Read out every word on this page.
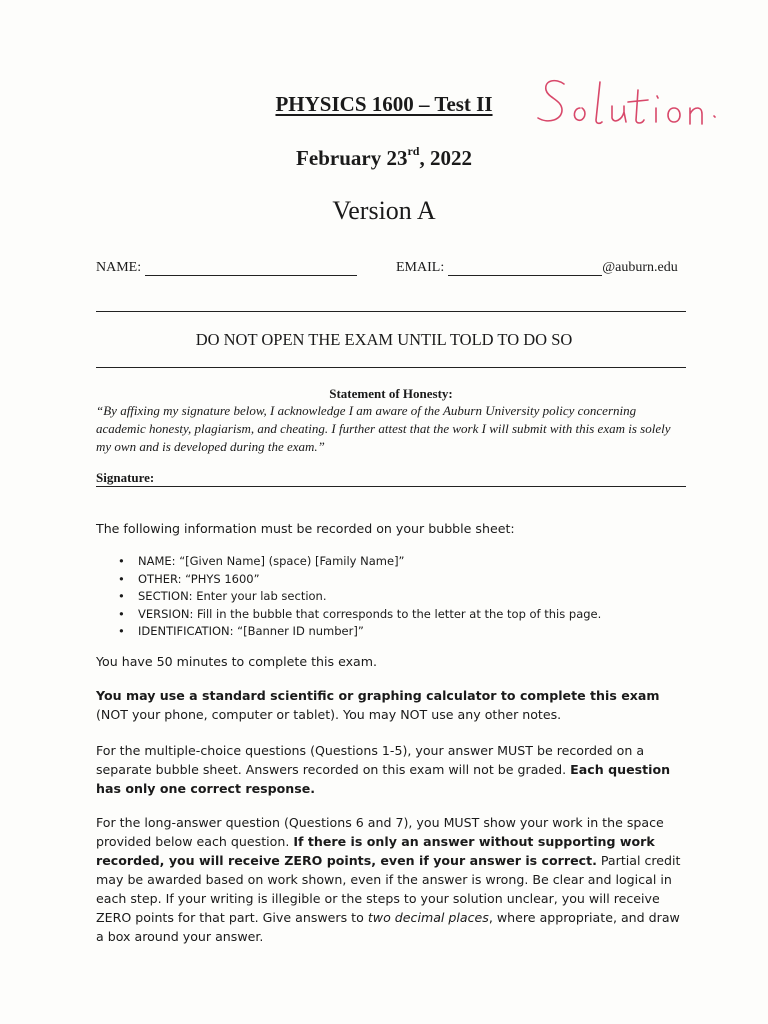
PHYSICS 1600 – Test II
February 23rd, 2022
Version A
NAME:	EMAIL:	@auburn.edu
DO NOT OPEN THE EXAM UNTIL TOLD TO DO SO
Statement of Honesty:
“By affixing my signature below, I acknowledge I am aware of the Auburn University policy concerning academic honesty, plagiarism, and cheating. I further attest that the work I will submit with this exam is solely my own and is developed during the exam.”
Signature:
The following information must be recorded on your bubble sheet:
• NAME: “[Given Name] (space) [Family Name]”
• OTHER: “PHYS 1600”
• SECTION: Enter your lab section.
• VERSION: Fill in the bubble that corresponds to the letter at the top of this page.
• IDENTIFICATION: “[Banner ID number]”
You have 50 minutes to complete this exam.
You may use a standard scientific or graphing calculator to complete this exam (NOT your phone, computer or tablet). You may NOT use any other notes.
For the multiple-choice questions (Questions 1-5), your answer MUST be recorded on a separate bubble sheet. Answers recorded on this exam will not be graded. Each question has only one correct response.
For the long-answer question (Questions 6 and 7), you MUST show your work in the space provided below each question. If there is only an answer without supporting work recorded, you will receive ZERO points, even if your answer is correct. Partial credit may be awarded based on work shown, even if the answer is wrong. Be clear and logical in each step. If your writing is illegible or the steps to your solution unclear, you will receive ZERO points for that part. Give answers to two decimal places, where appropriate, and draw a box around your answer.
